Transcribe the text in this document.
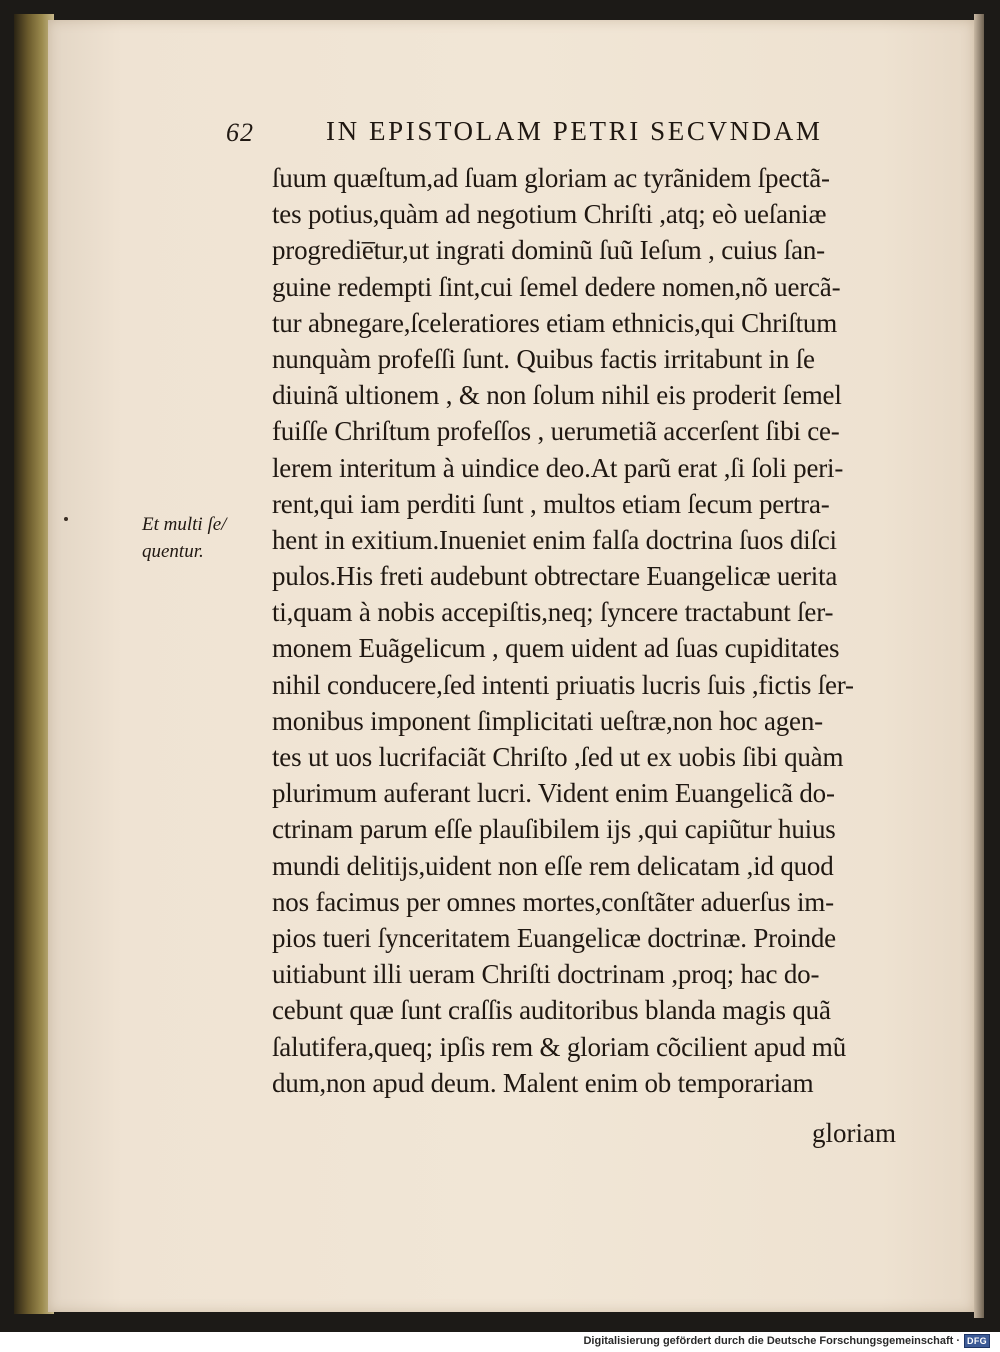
62	IN EPISTOLAM PETRI SECVNDAM
Et multi ſe/
quentur.
ſuum quæſtum,ad ſuam gloriam ac tyrãnidem ſpectã-
tes potius,quàm ad negotium Chriſti ,atq; eò ueſaniæ
progredie̅tur,ut ingrati dominũ ſuũ Ieſum , cuius ſan-
guine redempti ſint,cui ſemel dedere nomen,nõ uercã-
tur abnegare,ſceleratiores etiam ethnicis,qui Chriſtum
nunquàm profeſſi ſunt. Quibus factis irritabunt in ſe
diuinã ultionem , & non ſolum nihil eis proderit ſemel
fuiſſe Chriſtum profeſſos , uerumetiã accerſent ſibi ce-
lerem interitum à uindice deo.At parũ erat ,ſi ſoli peri-
rent,qui iam perditi ſunt , multos etiam ſecum pertra-
hent in exitium.Inueniet enim falſa doctrina ſuos diſci
pulos.His freti audebunt obtrectare Euangelicæ uerita
ti,quam à nobis accepiſtis,neq; ſyncere tractabunt ſer-
monem Euãgelicum , quem uident ad ſuas cupiditates
nihil conducere,ſed intenti priuatis lucris ſuis ,fictis ſer-
monibus imponent ſimplicitati ueſtræ,non hoc agen-
tes ut uos lucrifaciãt Chriſto ,ſed ut ex uobis ſibi quàm
plurimum auferant lucri. Vident enim Euangelicã do-
ctrinam parum eſſe plauſibilem ijs ,qui capiũtur huius
mundi delitijs,uident non eſſe rem delicatam ,id quod
nos facimus per omnes mortes,conſtãter aduerſus im-
pios tueri ſynceritatem Euangelicæ doctrinæ. Proinde
uitiabunt illi ueram Chriſti doctrinam ,proq; hac do-
cebunt quæ ſunt craſſis auditoribus blanda magis quã
ſalutifera,queq; ipſis rem & gloriam cõcilient apud mũ
dum,non apud deum. Malent enim ob temporariam
gloriam
Digitalisierung gefördert durch die Deutsche Forschungsgemeinschaft · DFG
